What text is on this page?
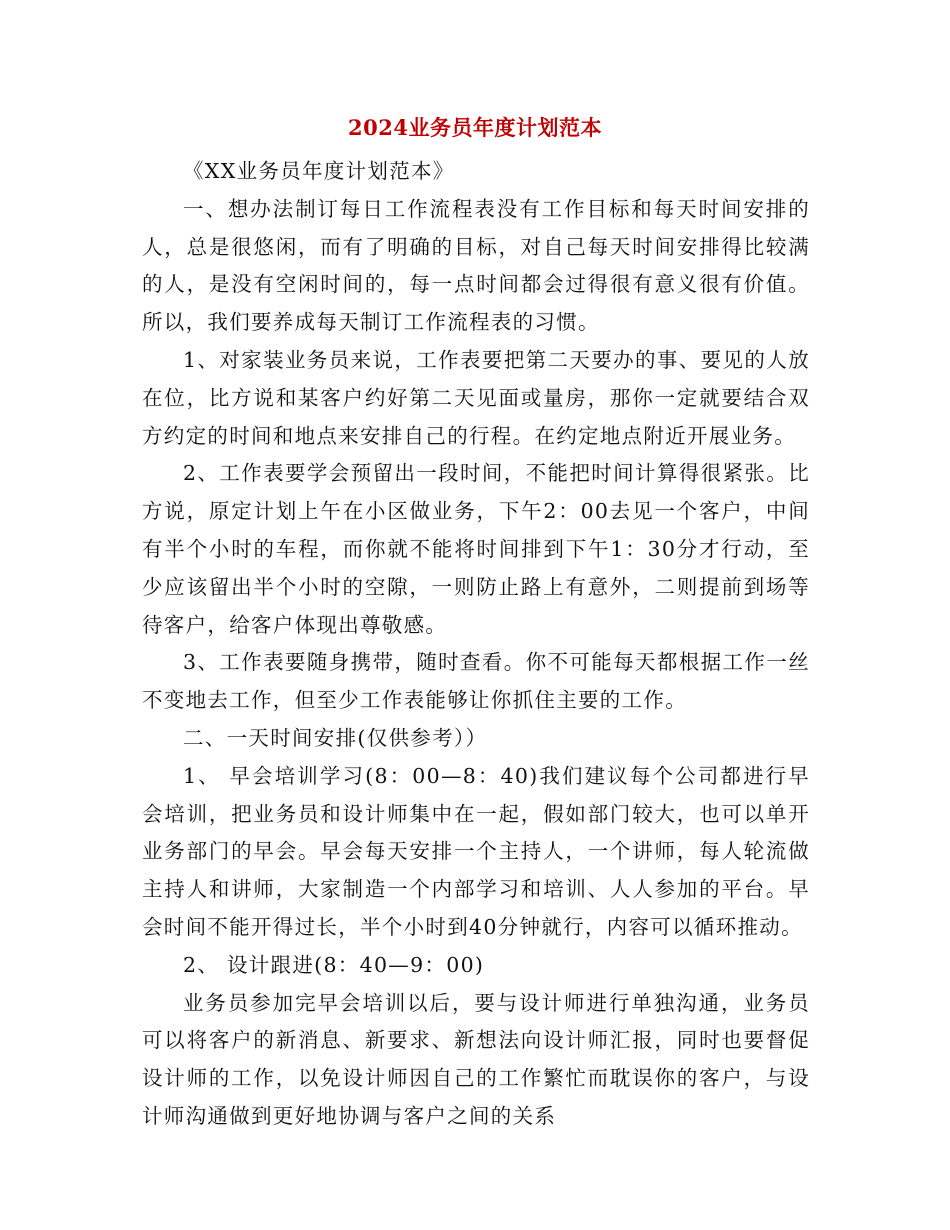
2024业务员年度计划范本

《XX业务员年度计划范本》

一、想办法制订每日工作流程表没有工作目标和每天时间安排的人，总是很悠闲，而有了明确的目标，对自己每天时间安排得比较满的人，是没有空闲时间的，每一点时间都会过得很有意义很有价值。所以，我们要养成每天制订工作流程表的习惯。

1、对家装业务员来说，工作表要把第二天要办的事、要见的人放在位，比方说和某客户约好第二天见面或量房，那你一定就要结合双方约定的时间和地点来安排自己的行程。在约定地点附近开展业务。

2、工作表要学会预留出一段时间，不能把时间计算得很紧张。比方说，原定计划上午在小区做业务，下午2：00去见一个客户，中间有半个小时的车程，而你就不能将时间排到下午1：30分才行动，至少应该留出半个小时的空隙，一则防止路上有意外，二则提前到场等待客户，给客户体现出尊敬感。

3、工作表要随身携带，随时查看。你不可能每天都根据工作一丝不变地去工作，但至少工作表能够让你抓住主要的工作。

二、一天时间安排(仅供参考））

1、 早会培训学习(8：00—8：40)我们建议每个公司都进行早会培训，把业务员和设计师集中在一起，假如部门较大，也可以单开业务部门的早会。早会每天安排一个主持人，一个讲师，每人轮流做主持人和讲师，大家制造一个内部学习和培训、人人参加的平台。早会时间不能开得过长，半个小时到40分钟就行，内容可以循环推动。

2、 设计跟进(8：40—9：00)

业务员参加完早会培训以后，要与设计师进行单独沟通，业务员可以将客户的新消息、新要求、新想法向设计师汇报，同时也要督促设计师的工作，以免设计师因自己的工作繁忙而耽误你的客户，与设计师沟通做到更好地协调与客户之间的关系
